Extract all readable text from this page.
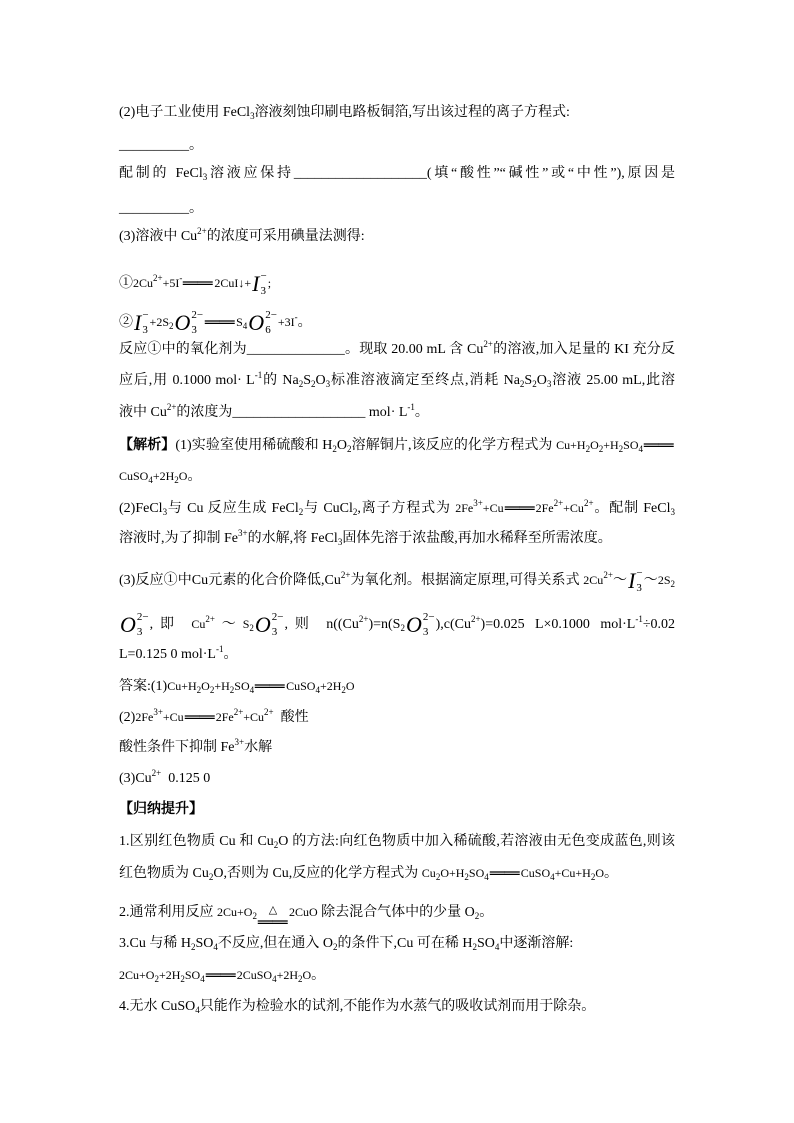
(2)电子工业使用 FeCl$_3$溶液刻蚀印刷电路板铜箔,写出该过程的离子方程式:
__________。
配制的 FeCl$_3$溶液应保持___________________(填“酸性”“碱性”或“中性”),原因是
__________。
(3)溶液中 $Cu^{2+}$的浓度可采用碘量法测得:
$①2Cu^{2+}+5I^-$ ══ 2CuI↓+ I −
3
;
② I −
3
$+2S_2$ O 2−
3 ══ $S_4$ O 2−
6
+3I-。
反应①中的氧化剂为______________。现取 20.00 mL 含 $Cu^{2+}$的溶液,加入足量的 KI 充分反
应后,用 0.1000 $mol\cdot L^{-1}$的 $Na_2S_2O_3$标准溶液滴定至终点,消耗 $Na_2S_2O_3$溶液 25.00 mL,此溶
液中 $Cu^{2+}$的浓度为___________________ $mol\cdot L^{-1}$。
【解析】(1)实验室使用稀硫酸和 $H_2O_2$溶解铜片,该反应的化学方程式为 $Cu+H_2O_2+H_2SO_4$ ══
$CuSO_4+2H_2O$。
(2)FeCl$_3$与 Cu 反应生成 FeCl$_2$与 CuCl$_2$,离子方程式为 $2Fe^{3+}+Cu$ ══ $2Fe^{2+}+Cu^{2+}$。配制 FeCl$_3$
溶液时,为了抑制 $Fe^{3+}$的水解,将 FeCl$_3$固体先溶于浓盐酸,再加水稀释至所需浓度。
(3)反应①中Cu元素的化合价降低$,Cu^{2+}$为氧化剂。根据滴定原理,可得关系式 $2Cu^{2+}\sim$ I −
3 $\sim 2S_2$
O 2−
3 ,即 $Cu^{2+}\sim S_2$ O 2−
3 ,则 $n((Cu^{2+})=n(S_2$ O 2−
3 )$,c(Cu^{2+})=0.025$ L×0.1000 $mol\cdot L^{-1}\div 0.02$
L=0.125 0 $mol\cdot L^{-1}$。
答案$:(1)Cu+H_2O_2+H_2SO_4$ ══ $CuSO_4+2H_2O$
$(2)2Fe^{3+}+Cu$ ══ $2Fe^{2+}+Cu^{2+}$  酸性
酸性条件下抑制 $Fe^{3+}$水解
$(3)Cu^{2+}$  0.125 0
【归纳提升】
1.区别红色物质 Cu 和 $Cu_2O$ 的方法:向红色物质中加入稀硫酸,若溶液由无色变成蓝色,则该
红色物质为 $Cu_2O$,否则为 Cu,反应的化学方程式为 $Cu_2O+H_2SO_4$ ══ $CuSO_4+Cu+H_2O$。
2.通常利用反应 $2Cu+O_2$ △
══
2CuO 除去混合气体中的少量 $O_2$。
3.Cu 与稀 $H_2SO_4$不反应,但在通入 $O_2$的条件下,Cu 可在稀 $H_2SO_4$中逐渐溶解:
$2Cu+O_2+2H_2SO_4$ ══ $2CuSO_4+2H_2O$。
4.无水 CuSO$_4$只能作为检验水的试剂,不能作为水蒸气的吸收试剂而用于除杂。
